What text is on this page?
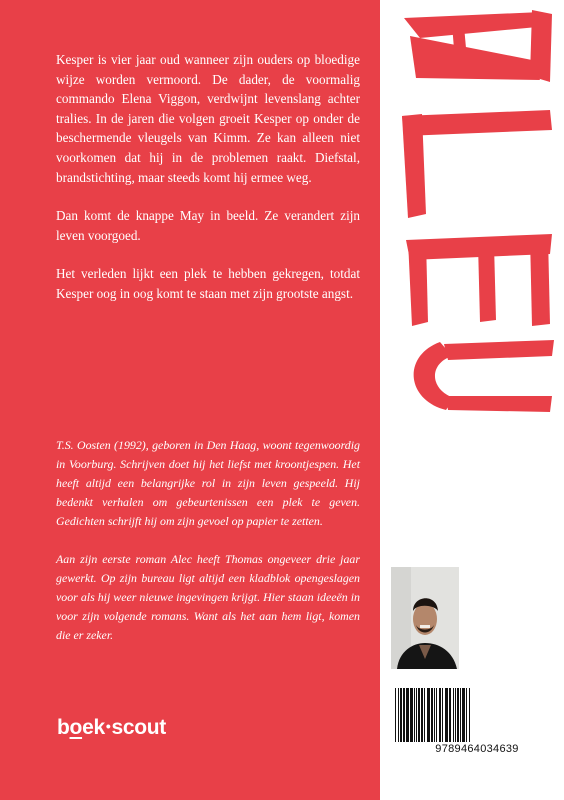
Kesper is vier jaar oud wanneer zijn ouders op bloedige wijze worden vermoord. De dader, de voormalig commando Elena Viggon, verdwijnt levenslang achter tralies. In de jaren die volgen groeit Kesper op onder de beschermende vleugels van Kimm. Ze kan alleen niet voorkomen dat hij in de problemen raakt. Diefstal, brandstichting, maar steeds komt hij ermee weg.

Dan komt de knappe May in beeld. Ze verandert zijn leven voorgoed.

Het verleden lijkt een plek te hebben gekregen, totdat Kesper oog in oog komt te staan met zijn grootste angst.

T.S. Oosten (1992), geboren in Den Haag, woont tegenwoordig in Voorburg. Schrijven doet hij het liefst met kroontjespen. Het heeft altijd een belangrijke rol in zijn leven gespeeld. Hij bedenkt verhalen om gebeurtenissen een plek te geven. Gedichten schrijft hij om zijn gevoel op papier te zetten.

Aan zijn eerste roman Alec heeft Thomas ongeveer drie jaar gewerkt. Op zijn bureau ligt altijd een kladblok opengeslagen voor als hij weer nieuwe ingevingen krijgt. Hier staan ideeën in voor zijn volgende romans. Want als het aan hem ligt, komen die er zeker.

boek•scout
9789464034639
